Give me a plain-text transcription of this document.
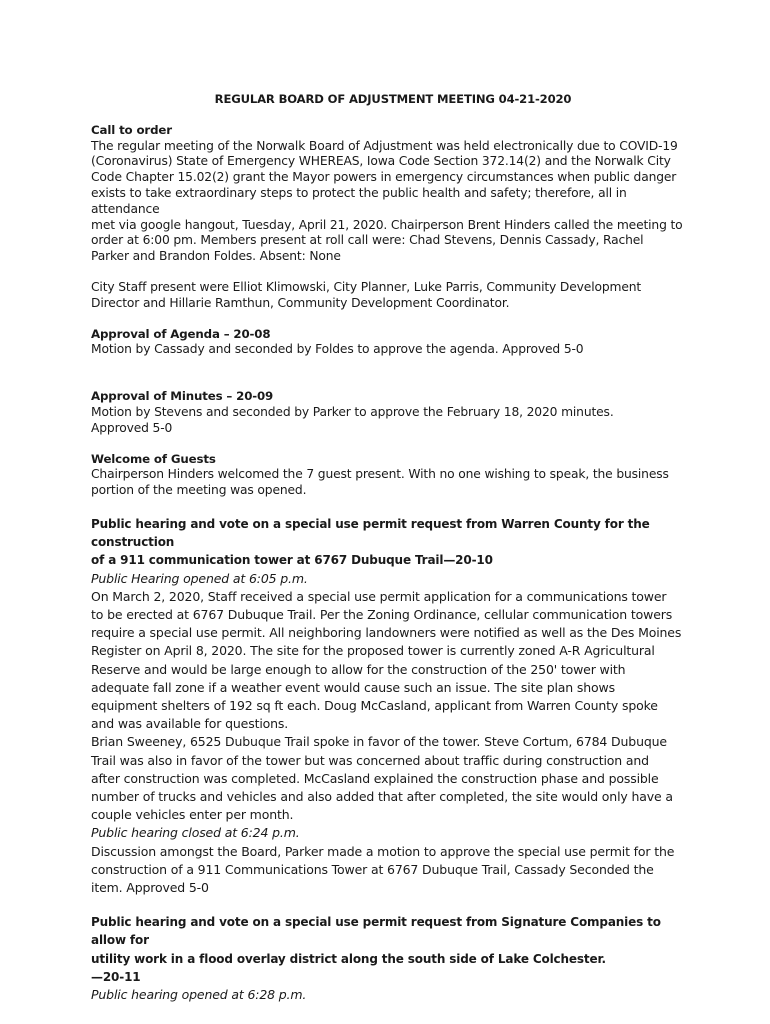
REGULAR BOARD OF ADJUSTMENT MEETING 04-21-2020
Call to order
The regular meeting of the Norwalk Board of Adjustment was held electronically due to COVID-19
(Coronavirus) State of Emergency WHEREAS, Iowa Code Section 372.14(2) and the Norwalk City
Code Chapter 15.02(2) grant the Mayor powers in emergency circumstances when public danger
exists to take extraordinary steps to protect the public health and safety; therefore, all in attendance
met via google hangout, Tuesday, April 21, 2020. Chairperson Brent Hinders called the meeting to
order at 6:00 pm. Members present at roll call were: Chad Stevens, Dennis Cassady, Rachel
Parker and Brandon Foldes. Absent: None
City Staff present were Elliot Klimowski, City Planner, Luke Parris, Community Development
Director and Hillarie Ramthun, Community Development Coordinator.
Approval of Agenda – 20-08
Motion by Cassady and seconded by Foldes to approve the agenda. Approved 5-0
Approval of Minutes – 20-09
Motion by Stevens and seconded by Parker to approve the February 18, 2020 minutes.
Approved 5-0
Welcome of Guests
Chairperson Hinders welcomed the 7 guest present. With no one wishing to speak, the business
portion of the meeting was opened.
Public hearing and vote on a special use permit request from Warren County for the construction
of a 911 communication tower at 6767 Dubuque Trail—20-10
Public Hearing opened at 6:05 p.m.
On March 2, 2020, Staff received a special use permit application for a communications tower
to be erected at 6767 Dubuque Trail. Per the Zoning Ordinance, cellular communication towers
require a special use permit. All neighboring landowners were notified as well as the Des Moines
Register on April 8, 2020. The site for the proposed tower is currently zoned A-R Agricultural
Reserve and would be large enough to allow for the construction of the 250' tower with
adequate fall zone if a weather event would cause such an issue. The site plan shows
equipment shelters of 192 sq ft each. Doug McCasland, applicant from Warren County spoke
and was available for questions.
Brian Sweeney, 6525 Dubuque Trail spoke in favor of the tower. Steve Cortum, 6784 Dubuque
Trail was also in favor of the tower but was concerned about traffic during construction and
after construction was completed. McCasland explained the construction phase and possible
number of trucks and vehicles and also added that after completed, the site would only have a
couple vehicles enter per month.
Public hearing closed at 6:24 p.m.
Discussion amongst the Board, Parker made a motion to approve the special use permit for the
construction of a 911 Communications Tower at 6767 Dubuque Trail, Cassady Seconded the
item. Approved 5-0
Public hearing and vote on a special use permit request from Signature Companies to allow for
utility work in a flood overlay district along the south side of Lake Colchester.
—20-11
Public hearing opened at 6:28 p.m.
